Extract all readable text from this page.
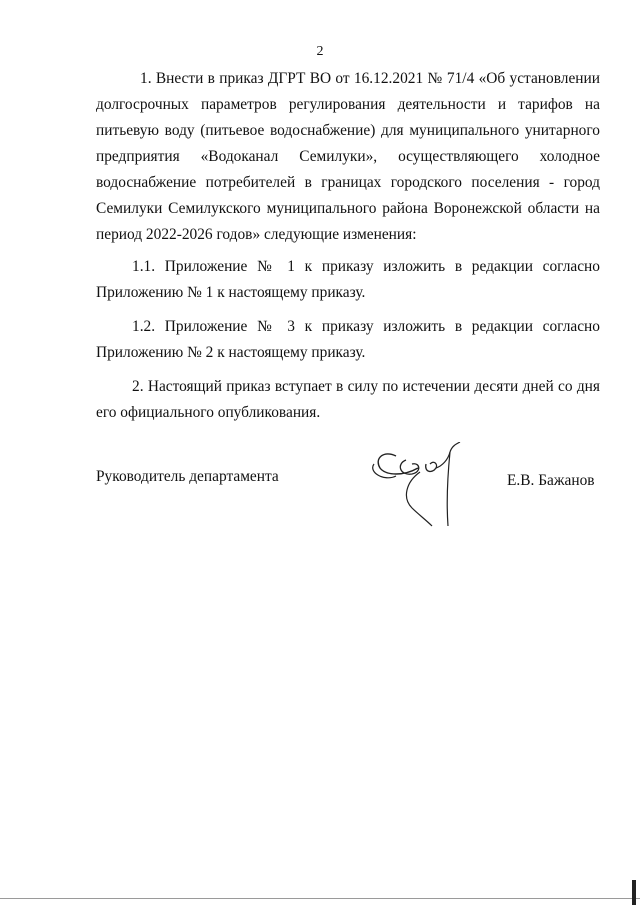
2

1. Внести в приказ ДГРТ ВО от 16.12.2021 № 71/4 «Об установлении долгосрочных параметров регулирования деятельности и тарифов на питьевую воду (питьевое водоснабжение) для муниципального унитарного предприятия «Водоканал Семилуки», осуществляющего холодное водоснабжение потребителей в границах городского поселения - город Семилуки Семилукского муниципального района Воронежской области на период 2022-2026 годов» следующие изменения:

1.1. Приложение № 1 к приказу изложить в редакции согласно Приложению № 1 к настоящему приказу.

1.2. Приложение № 3 к приказу изложить в редакции согласно Приложению № 2 к настоящему приказу.

2. Настоящий приказ вступает в силу по истечении десяти дней со дня его официального опубликования.

Руководитель департамента	Е.В. Бажанов
